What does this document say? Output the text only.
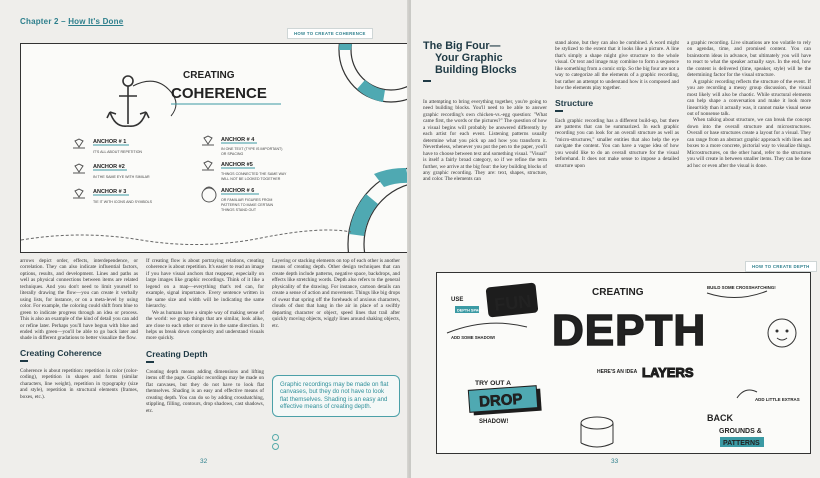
Chapter 2 – How It's Done
HOW TO CREATE COHERENCE
CREATING
COHERENCE
ANCHOR # 1
IT'S ALL ABOUT REPETITION
ANCHOR #2
IN THE SAME EYE WITH SIMILAR
ANCHOR # 3
TIE IT WITH ICONS AND SYMBOLS
ANCHOR # 4
IN ONE TEXT (TYPE IS IMPORTANT)
OR SPACING
ANCHOR #5
THINGS CONNECTED THE SAME WAY
WILL NOT BE LOOKED TOGETHER
ANCHOR # 6
OR FAMILIAR FIGURES FROM
PATTERNS TO MAKE CERTAIN
THINGS STAND OUT

arrows depict order, effects, interdependence, or correlation. They can also indicate influential factors, options, results, and development. Lines and paths as well as physical connections between items are related techniques. And you don't need to limit yourself to literally drawing the flow—you can create it verbally using lists, for instance, or on a meta-level by using color. For example, the coloring could shift from blue to green to indicate progress through an idea or process. This is also an example of the kind of detail you can add or refine later. Perhaps you'll have begun with blue and ended with green—you'll be able to go back later and shade in different gradations to better visualize the flow.

Creating Coherence

Coherence is about repetition: repetition in color (color-coding), repetition in shapes and forms (similar characters, line weight), repetition in typography (size and style), repetition in structural elements (frames, boxes, etc.).

If creating flow is about portraying relations, creating coherence is about repetition. It's easier to read an image if you have visual anchors that reappear, especially on large images like graphic recordings. Think of it like a legend on a map—everything that's red can, for example, signal importance. Every sentence written in the same size and width will be indicating the same hierarchy.

We as humans have a simple way of making sense of the world: we group things that are similar, look alike, are close to each other or move in the same direction. It helps us break down complexity and understand visuals more quickly.

Creating Depth

Creating depth means adding dimensions and lifting items off the page. Graphic recordings may be made on flat canvases, but they do not have to look flat themselves. Shading is an easy and effective means of creating depth. You can do so by adding crosshatching, stippling, filling, contours, drop shadows, cast shadows, etc.

Layering or stacking elements on top of each other is another means of creating depth. Other design techniques that can create depth include patterns, negative space, backdrops, and effects like stretching words. Depth also refers to the general physicality of the drawing. For instance, cartoon details can create a sense of action and movement. Things like big drops of sweat that spring off the foreheads of anxious characters, clouds of dust that hang in the air in place of a swiftly departing character or object, speed lines that trail after quickly moving objects, wiggly lines around shaking objects, etc.

Graphic recordings may be made on flat canvases, but they do not have to look flat themselves. Shading is an easy and effective means of creating depth.
32
The Big Four—
Your Graphic
Building Blocks

In attempting to bring everything together, you're going to need building blocks. You'll need to be able to answer graphic recording's own chicken-vs.-egg question: "What came first, the words or the pictures?" The question of how a visual begins will probably be answered differently by each artist for each event. Listening patterns usually determine what you pick up and how you transform it. Nevertheless, whenever you put the pen to the paper, you'll have to choose between text and something visual. "Visual" is itself a fairly broad category, so if we refine the term further, we arrive at the big four: the key building blocks of any graphic recording. They are: text, shapes, structure, and color. The elements can

stand alone, but they can also be combined. A word might be stylized to the extent that it looks like a picture. A line that's simply a shape might give structure to the whole visual. Or text and image may combine to form a sequence like something from a comic strip. So the big four are not a way to categorize all the elements of a graphic recording, but rather an attempt to understand how it is composed and how the elements play together.

Structure

Each graphic recording has a different build-up, but there are patterns that can be summarized. In each graphic recording you can look for an overall structure as well as "micro-structures," smaller entities that also help the eye navigate the content. You can have a vague idea of how you would like to do an overall structure for the visual beforehand. It does not make sense to impose a detailed structure upon

a graphic recording. Live situations are too volatile to rely on agendas, time, and promised content. You can brainstorm ideas in advance, but ultimately you will have to react to what the speaker actually says. In the end, how the content is delivered (time, speaker, style) will be the determining factor for the visual structure.

A graphic recording reflects the structure of the event. If you are recording a messy group discussion, the visual most likely will also be chaotic. While structural elements can help shape a conversation and make it look more linear/tidy than it actually was, it cannot make visual sense out of nonsense talk.

When talking about structure, we can break the concept down into the overall structure and microstructures. Overall or base structures create a layout for a visual. They can range from an abstract graphic approach with lines and boxes to a more concrete, pictorial way to visualize things. Microstructures, on the other hand, refer to the structures you will create in between smaller items. They can be done ad hoc or even after the visual is done.

HOW TO CREATE DEPTH
USE
DEPTH SPACE FUN
ADD SOME SHADOW!
CREATING
DEPTH
BUILD SOME CROSSHATCHING!
TRY OUT A
DROP
SHADOW!
HERE'S AN IDEA LAYERS
ADD LITTLE EXTRAS
BACK
GROUNDS &
PATTERNS
33
